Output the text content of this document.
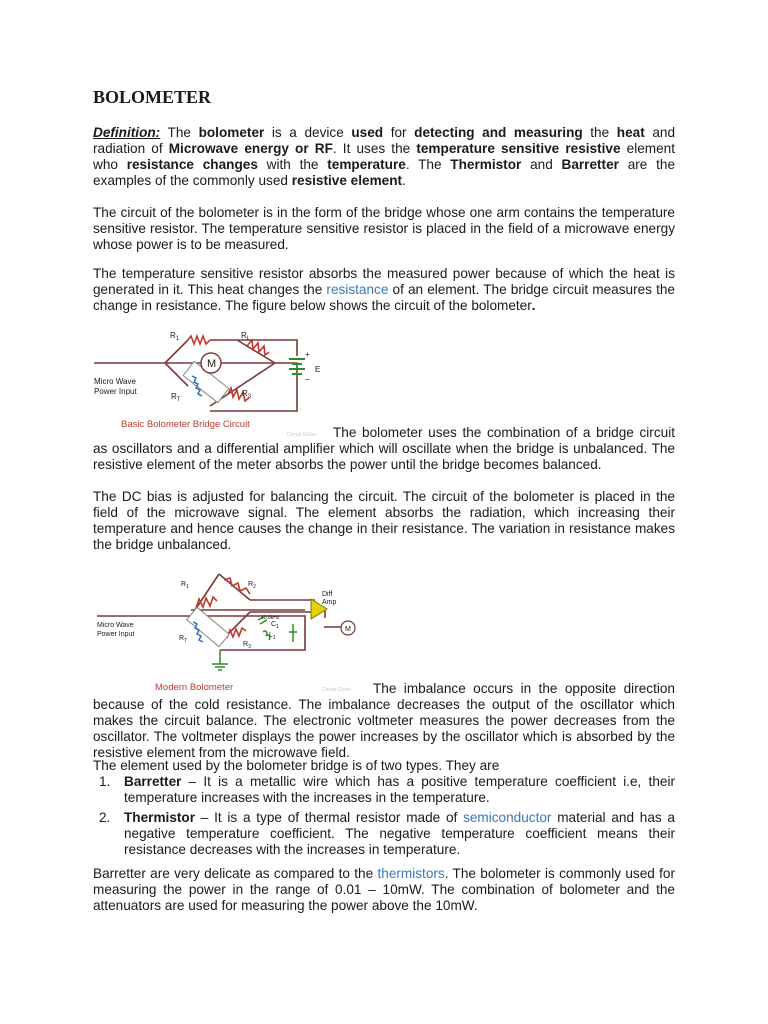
BOLOMETER

Definition: The bolometer is a device used for detecting and measuring the heat and radiation of Microwave energy or RF. It uses the temperature sensitive resistive element who resistance changes with the temperature. The Thermistor and Barretter are the examples of the commonly used resistive element.

The circuit of the bolometer is in the form of the bridge whose one arm contains the temperature sensitive resistor. The temperature sensitive resistor is placed in the field of a microwave energy whose power is to be measured.

The temperature sensitive resistor absorbs the measured power because of which the heat is generated in it. This heat changes the resistance of an element. The bridge circuit measures the change in resistance. The figure below shows the circuit of the bolometer.

$R_1$	$R_L$
$R_T$
$R_3$
M	E
+
−
Micro Wave
Power Input
Basic Bolometer Bridge Circuit
Circuit Globe	The bolometer uses the combination of a bridge circuit as oscillators and a differential amplifier which will oscillate when the bridge is unbalanced. The resistive element of the meter absorbs the power until the bridge becomes balanced.

The DC bias is adjusted for balancing the circuit. The circuit of the bolometer is placed in the field of the microwave signal. The element absorbs the radiation, which increasing their temperature and hence causes the change in their resistance. The variation in resistance makes the bridge unbalanced.

$R_1$	$R_2$
$R_T$	$R_3$
$C_1$
$L_1$
10.8kHz
Diff
Amp
M
Micro Wave
Power Input
Modern Bolometer	Circuit Globe	The imbalance occurs in the opposite direction because of the cold resistance. The imbalance decreases the output of the oscillator which makes the circuit balance. The electronic voltmeter measures the power decreases from the oscillator. The voltmeter displays the power increases by the oscillator which is absorbed by the resistive element from the microwave field.

The element used by the bolometer bridge is of two types. They are

1. Barretter – It is a metallic wire which has a positive temperature coefficient i.e, their temperature increases with the increases in the temperature.
2. Thermistor – It is a type of thermal resistor made of semiconductor material and has a negative temperature coefficient. The negative temperature coefficient means their resistance decreases with the increases in temperature.

Barretter are very delicate as compared to the thermistors. The bolometer is commonly used for measuring the power in the range of 0.01 – 10mW. The combination of bolometer and the attenuators are used for measuring the power above the 10mW.
